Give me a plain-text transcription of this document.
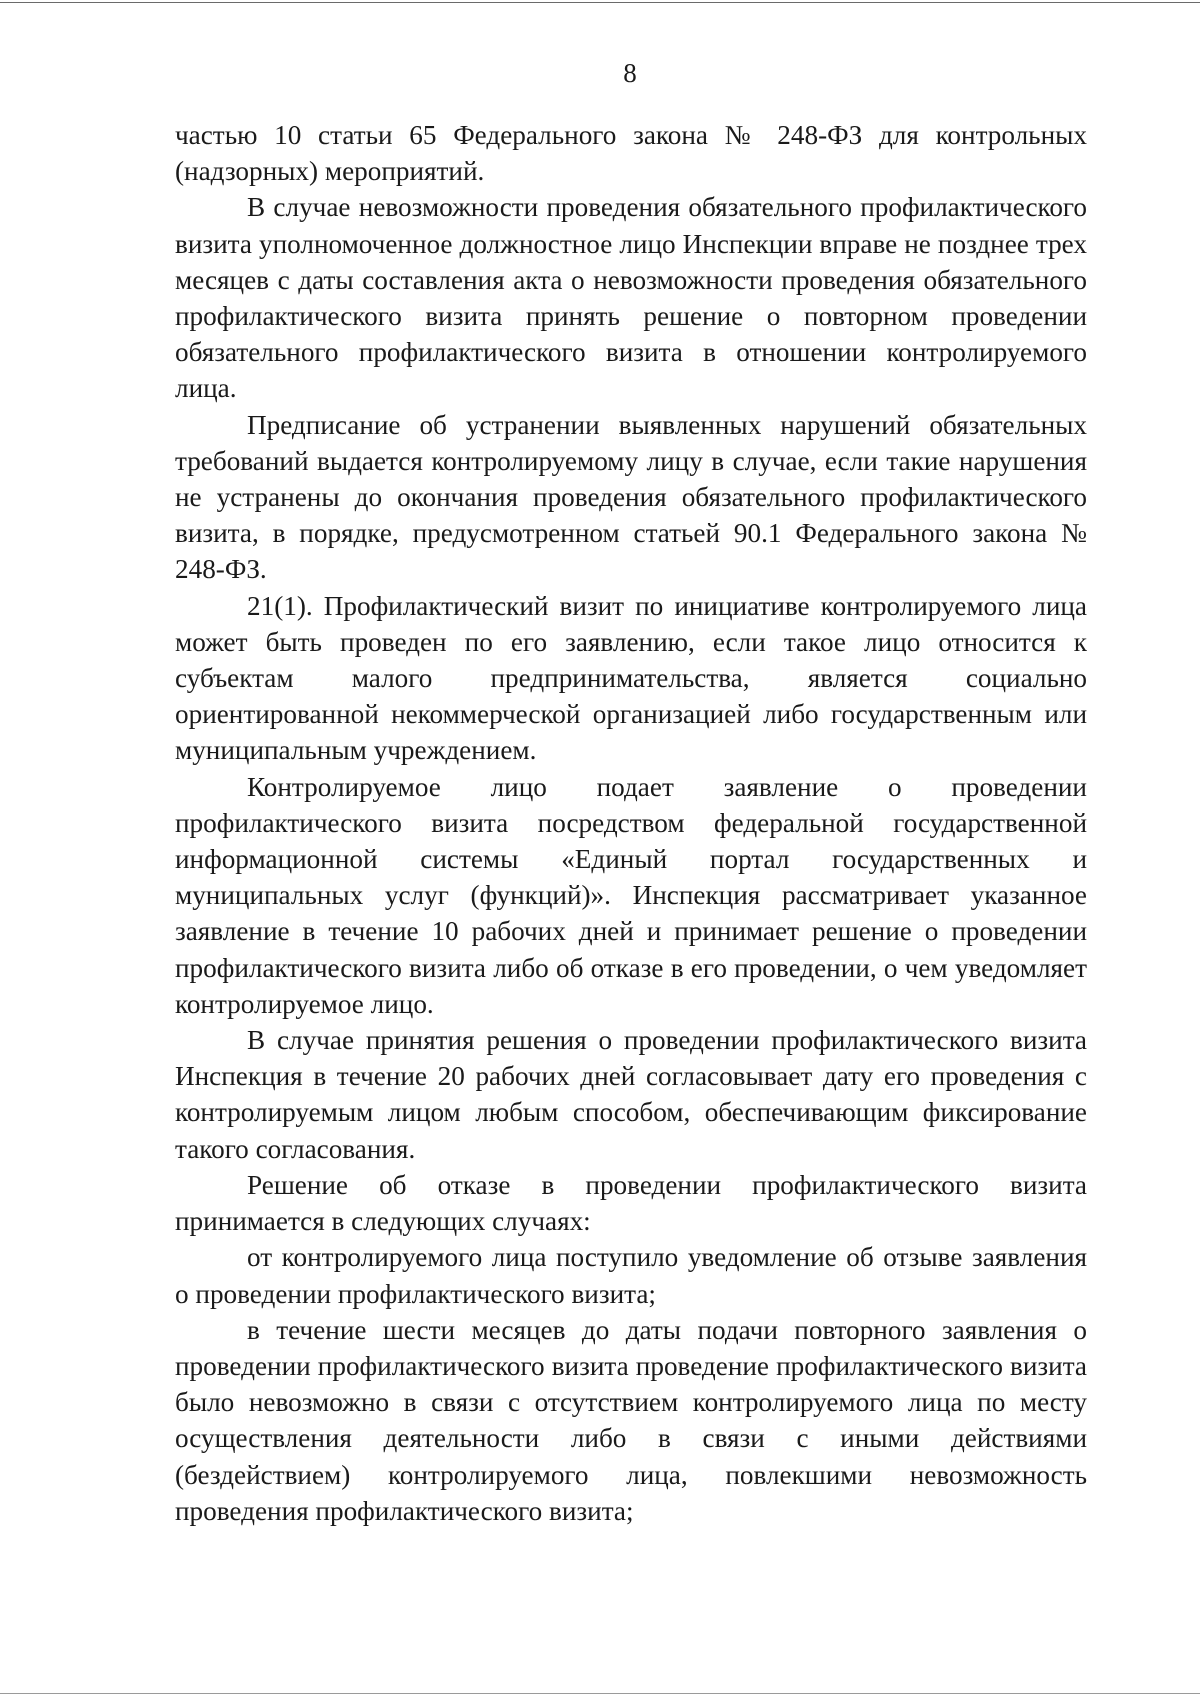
8

частью 10 статьи 65 Федерального закона № 248-ФЗ для контрольных (надзорных) мероприятий.

В случае невозможности проведения обязательного профилактического визита уполномоченное должностное лицо Инспекции вправе не позднее трех месяцев с даты составления акта о невозможности проведения обязательного профилактического визита принять решение о повторном проведении обязательного профилактического визита в отношении контролируемого лица.

Предписание об устранении выявленных нарушений обязательных требований выдается контролируемому лицу в случае, если такие нарушения не устранены до окончания проведения обязательного профилактического визита, в порядке, предусмотренном статьей 90.1 Федерального закона № 248-ФЗ.

21(1). Профилактический визит по инициативе контролируемого лица может быть проведен по его заявлению, если такое лицо относится к субъектам малого предпринимательства, является социально ориентированной некоммерческой организацией либо государственным или муниципальным учреждением.

Контролируемое лицо подает заявление о проведении профилактического визита посредством федеральной государственной информационной системы «Единый портал государственных и муниципальных услуг (функций)». Инспекция рассматривает указанное заявление в течение 10 рабочих дней и принимает решение о проведении профилактического визита либо об отказе в его проведении, о чем уведомляет контролируемое лицо.

В случае принятия решения о проведении профилактического визита Инспекция в течение 20 рабочих дней согласовывает дату его проведения с контролируемым лицом любым способом, обеспечивающим фиксирование такого согласования.

Решение об отказе в проведении профилактического визита принимается в следующих случаях:

от контролируемого лица поступило уведомление об отзыве заявления о проведении профилактического визита;

в течение шести месяцев до даты подачи повторного заявления о проведении профилактического визита проведение профилактического визита было невозможно в связи с отсутствием контролируемого лица по месту осуществления деятельности либо в связи с иными действиями (бездействием) контролируемого лица, повлекшими невозможность проведения профилактического визита;
